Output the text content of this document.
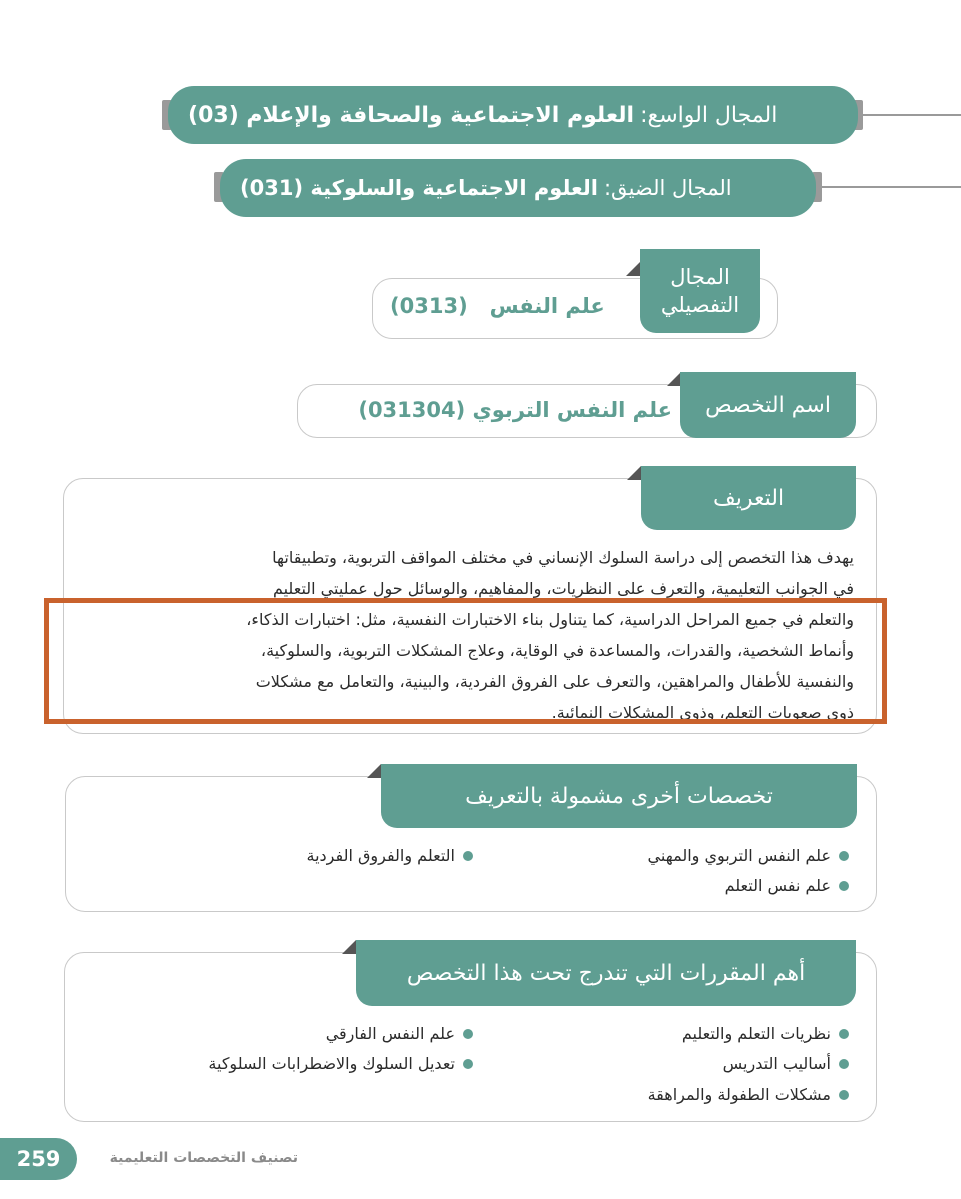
المجال الواسع:
العلوم الاجتماعية والصحافة والإعلام (03)
المجال الضيق:
العلوم الاجتماعية والسلوكية (031)
علم النفس   (0313)
المجال
التفصيلي
علم النفس التربوي (031304) اسم التخصص
التعريف

يهدف هذا التخصص إلى دراسة السلوك الإنساني في مختلف المواقف التربوية، وتطبيقاتها

في الجوانب التعليمية، والتعرف على النظريات، والمفاهيم، والوسائل حول عمليتي التعليم

والتعلم في جميع المراحل الدراسية، كما يتناول بناء الاختبارات النفسية، مثل: اختبارات الذكاء،

وأنماط الشخصية، والقدرات، والمساعدة في الوقاية، وعلاج المشكلات التربوية، والسلوكية،

والنفسية للأطفال والمراهقين، والتعرف على الفروق الفردية، والبينية، والتعامل مع مشكلات

ذوي صعوبات التعلم، وذوي المشكلات النمائية.

تخصصات أخرى مشمولة بالتعريف
علم النفس التربوي والمهني
علم نفس التعلم
التعلم والفروق الفردية
أهم المقررات التي تندرج تحت هذا التخصص
نظريات التعلم والتعليم
أساليب التدريس
مشكلات الطفولة والمراهقة
علم النفس الفارقي
تعديل السلوك والاضطرابات السلوكية
259	تصنيف التخصصات التعليمية
